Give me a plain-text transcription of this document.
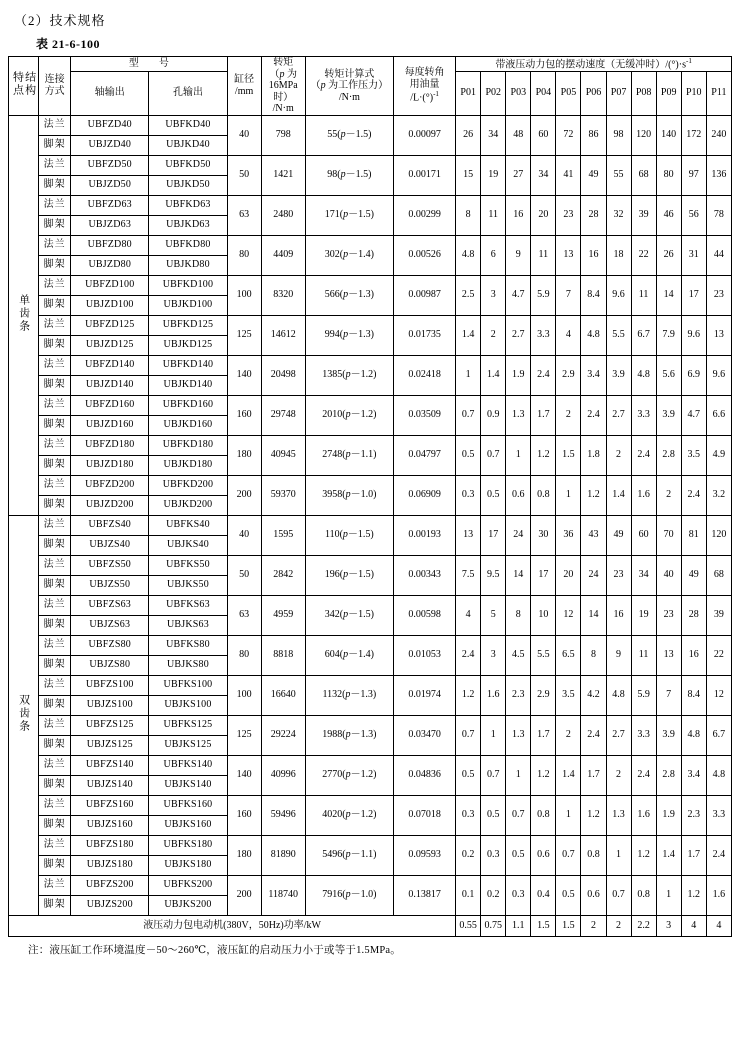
（2）技术规格
表 21-6-100
结构
特点	连接
方式	型　　号		缸径
/mm	转矩
（p 为
16MPa 时）
/N·m	转矩计算式
（p 为工作压力）
/N·m	每度转角
用油量
/L·(°)$^{-1}$	带液压动力包的摆动速度（无缓冲时）$/(^\circ)\cdot s^{-1}$
		轴输出	孔输出					P01	P02	P03	P04	P05	P06	P07	P08	P09	P10	P11

单齿条	法兰	UBFZD40	UBFKD40	40	798	55(p－1.5)	0.00097	26	34	48	60	72	86	98	120	140	172	240
	脚架	UBJZD40	UBJKD40															
	法兰	UBFZD50	UBFKD50	50	1421	98(p－1.5)	0.00171	15	19	27	34	41	49	55	68	80	97	136
	脚架	UBJZD50	UBJKD50															
	法兰	UBFZD63	UBFKD63	63	2480	171(p－1.5)	0.00299	8	11	16	20	23	28	32	39	46	56	78
	脚架	UBJZD63	UBJKD63															
	法兰	UBFZD80	UBFKD80	80	4409	302(p－1.4)	0.00526	4.8	6	9	11	13	16	18	22	26	31	44
	脚架	UBJZD80	UBJKD80															
	法兰	UBFZD100	UBFKD100	100	8320	566(p－1.3)	0.00987	2.5	3	4.7	5.9	7	8.4	9.6	11	14	17	23
	脚架	UBJZD100	UBJKD100															
	法兰	UBFZD125	UBFKD125	125	14612	994(p－1.3)	0.01735	1.4	2	2.7	3.3	4	4.8	5.5	6.7	7.9	9.6	13
	脚架	UBJZD125	UBJKD125															
	法兰	UBFZD140	UBFKD140	140	20498	1385(p－1.2)	0.02418	1	1.4	1.9	2.4	2.9	3.4	3.9	4.8	5.6	6.9	9.6
	脚架	UBJZD140	UBJKD140															
	法兰	UBFZD160	UBFKD160	160	29748	2010(p－1.2)	0.03509	0.7	0.9	1.3	1.7	2	2.4	2.7	3.3	3.9	4.7	6.6
	脚架	UBJZD160	UBJKD160															
	法兰	UBFZD180	UBFKD180	180	40945	2748(p－1.1)	0.04797	0.5	0.7	1	1.2	1.5	1.8	2	2.4	2.8	3.5	4.9
	脚架	UBJZD180	UBJKD180															
	法兰	UBFZD200	UBFKD200	200	59370	3958(p－1.0)	0.06909	0.3	0.5	0.6	0.8	1	1.2	1.4	1.6	2	2.4	3.2
	脚架	UBJZD200	UBJKD200															
双齿条	法兰	UBFZS40	UBFKS40	40	1595	110(p－1.5)	0.00193	13	17	24	30	36	43	49	60	70	81	120
	脚架	UBJZS40	UBJKS40															
	法兰	UBFZS50	UBFKS50	50	2842	196(p－1.5)	0.00343	7.5	9.5	14	17	20	24	23	34	40	49	68
	脚架	UBJZS50	UBJKS50															
	法兰	UBFZS63	UBFKS63	63	4959	342(p－1.5)	0.00598	4	5	8	10	12	14	16	19	23	28	39
	脚架	UBJZS63	UBJKS63															
	法兰	UBFZS80	UBFKS80	80	8818	604(p－1.4)	0.01053	2.4	3	4.5	5.5	6.5	8	9	11	13	16	22
	脚架	UBJZS80	UBJKS80															
	法兰	UBFZS100	UBFKS100	100	16640	1132(p－1.3)	0.01974	1.2	1.6	2.3	2.9	3.5	4.2	4.8	5.9	7	8.4	12
	脚架	UBJZS100	UBJKS100															
	法兰	UBFZS125	UBFKS125	125	29224	1988(p－1.3)	0.03470	0.7	1	1.3	1.7	2	2.4	2.7	3.3	3.9	4.8	6.7
	脚架	UBJZS125	UBJKS125															
	法兰	UBFZS140	UBFKS140	140	40996	2770(p－1.2)	0.04836	0.5	0.7	1	1.2	1.4	1.7	2	2.4	2.8	3.4	4.8
	脚架	UBJZS140	UBJKS140															
	法兰	UBFZS160	UBFKS160	160	59496	4020(p－1.2)	0.07018	0.3	0.5	0.7	0.8	1	1.2	1.3	1.6	1.9	2.3	3.3
	脚架	UBJZS160	UBJKS160															
	法兰	UBFZS180	UBFKS180	180	81890	5496(p－1.1)	0.09593	0.2	0.3	0.5	0.6	0.7	0.8	1	1.2	1.4	1.7	2.4
	脚架	UBJZS180	UBJKS180															
	法兰	UBFZS200	UBFKS200	200	118740	7916(p－1.0)	0.13817	0.1	0.2	0.3	0.4	0.5	0.6	0.7	0.8	1	1.2	1.6
	脚架	UBJZS200	UBJKS200															
液压动力包电动机(380V，50Hz)功率/kW								0.55	0.75	1.1	1.5	1.5	2	2	2.2	3	4	4
注：液压缸工作环境温度－50～260℃，液压缸的启动压力小于或等于1.5MPa。
